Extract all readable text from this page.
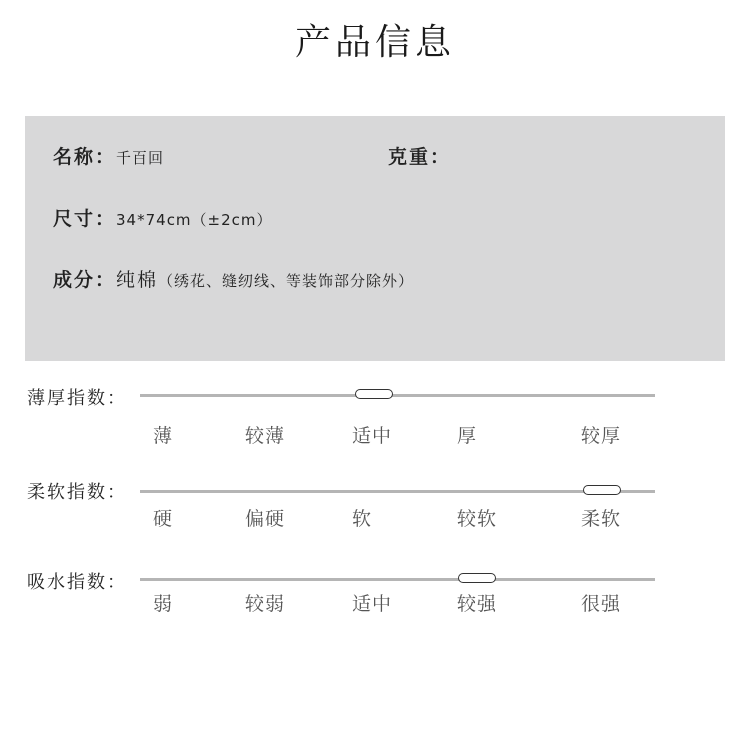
产品信息
名称：千百回	克重：
尺寸：34*74cm（±2cm）
成分：纯棉（绣花、缝纫线、等装饰部分除外）
薄厚指数：
薄	较薄	适中	厚	较厚
柔软指数：
硬	偏硬	软	较软	柔软
吸水指数：
弱	较弱	适中	较强	很强
